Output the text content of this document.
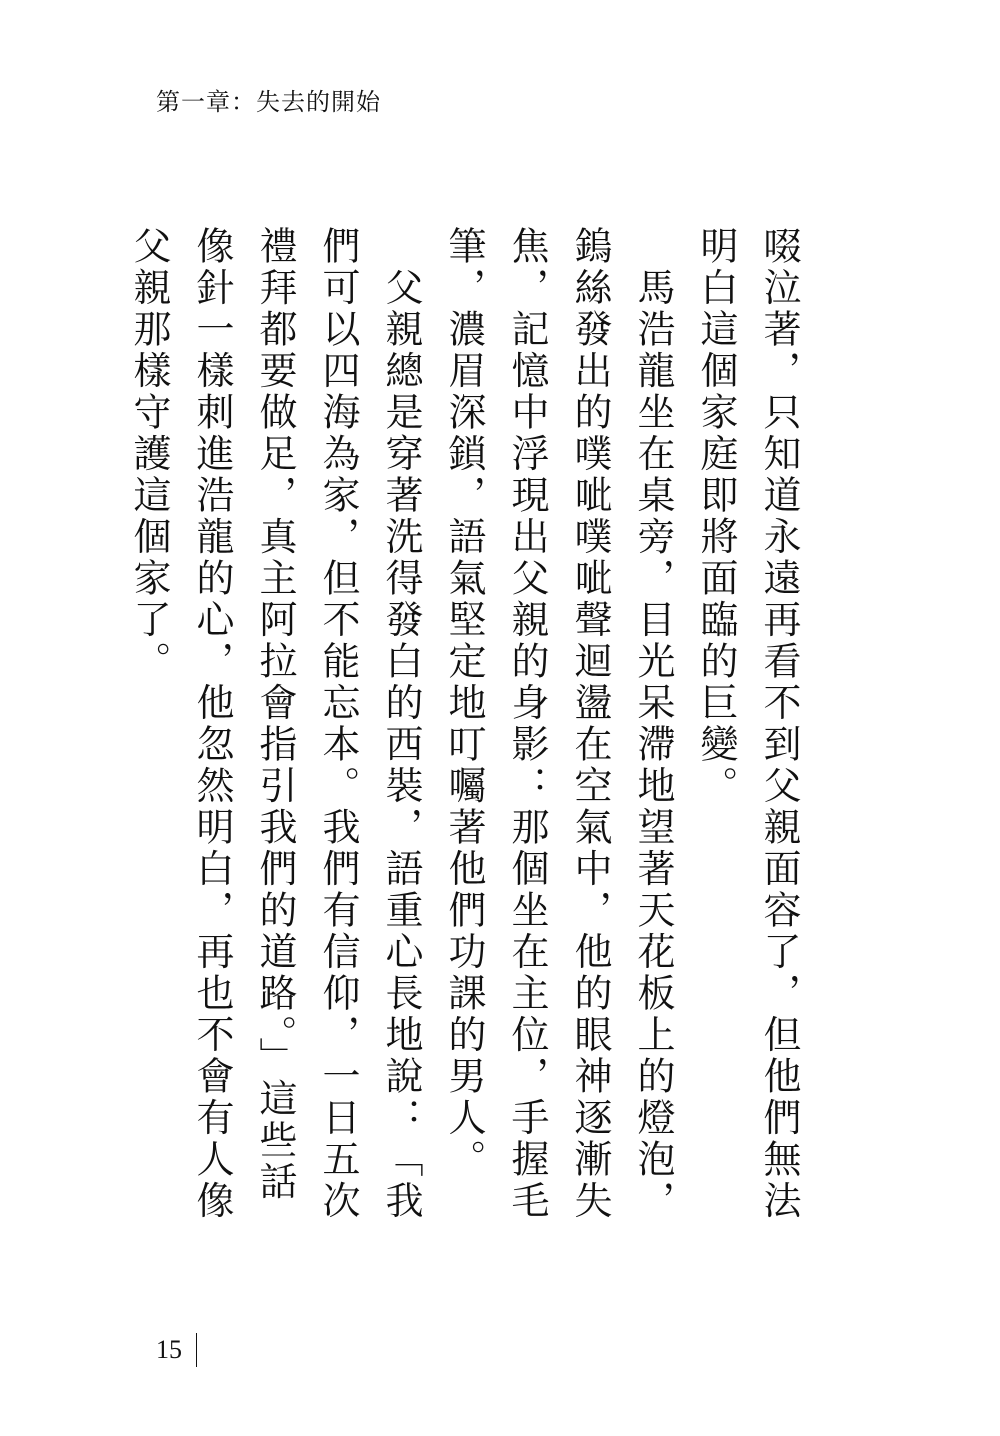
第一章：失去的開始

啜泣著，只知道永遠再看不到父親面容了，但他們無法明白這個家庭即將面臨的巨變。

　馬浩龍坐在桌旁，目光呆滯地望著天花板上的燈泡，鎢絲發出的噗呲噗呲聲迴盪在空氣中，他的眼神逐漸失焦，記憶中浮現出父親的身影：那個坐在主位，手握毛筆，濃眉深鎖，語氣堅定地叮囑著他們功課的男人。

　父親總是穿著洗得發白的西裝，語重心長地說：「我們可以四海為家，但不能忘本。我們有信仰，一日五次禮拜都要做足，真主阿拉會指引我們的道路。」這些話像針一樣刺進浩龍的心，他忽然明白，再也不會有人像父親那樣守護這個家了。

15
